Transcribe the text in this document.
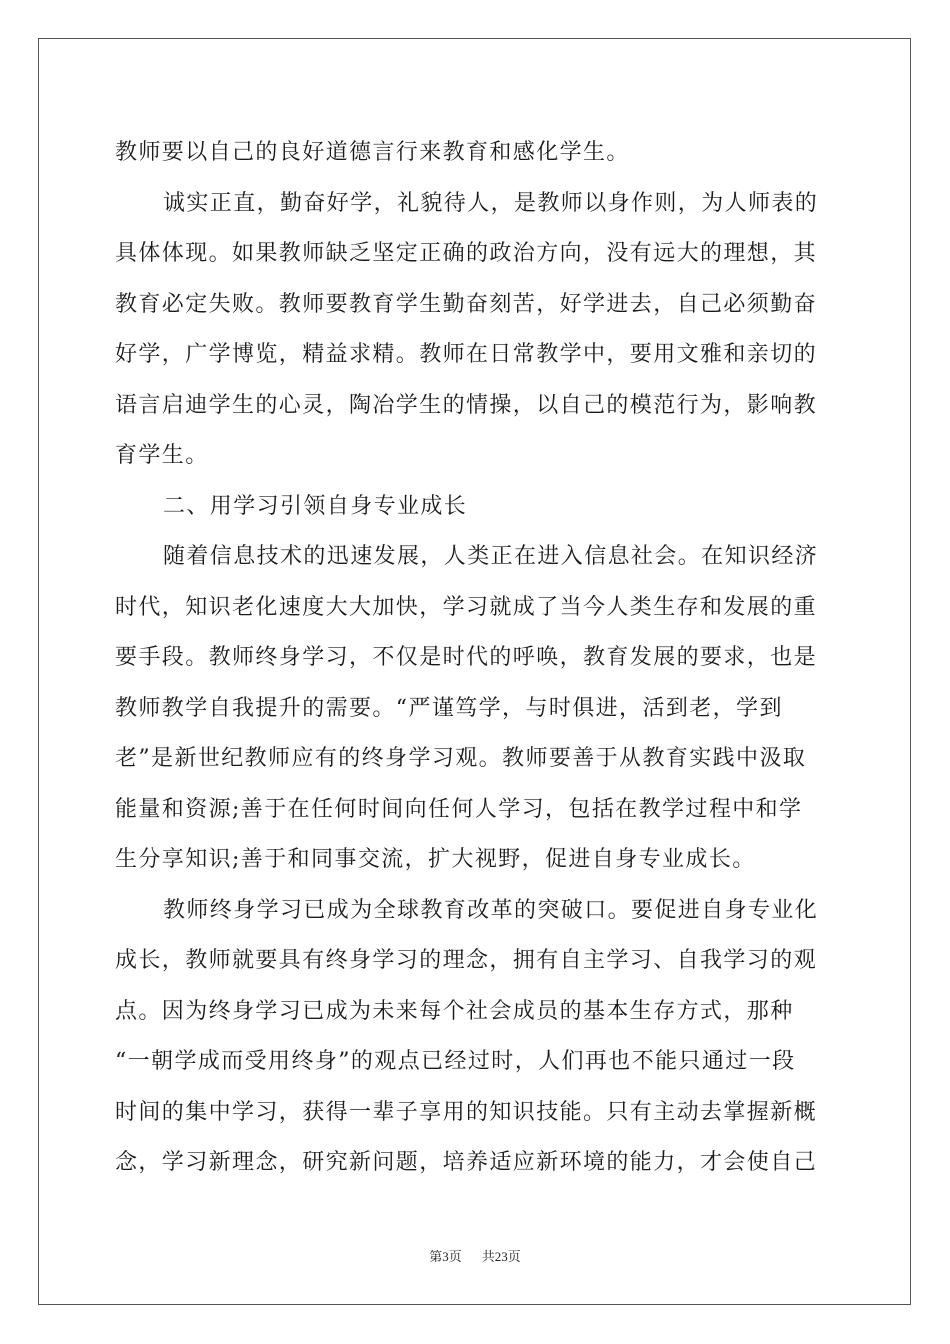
教师要以自己的良好道德言行来教育和感化学生。
诚实正直，勤奋好学，礼貌待人，是教师以身作则，为人师表的
具体体现。如果教师缺乏坚定正确的政治方向，没有远大的理想，其
教育必定失败。教师要教育学生勤奋刻苦，好学进去，自己必须勤奋
好学，广学博览，精益求精。教师在日常教学中，要用文雅和亲切的
语言启迪学生的心灵，陶冶学生的情操，以自己的模范行为，影响教
育学生。
二、用学习引领自身专业成长
随着信息技术的迅速发展，人类正在进入信息社会。在知识经济
时代，知识老化速度大大加快，学习就成了当今人类生存和发展的重
要手段。教师终身学习，不仅是时代的呼唤，教育发展的要求，也是
教师教学自我提升的需要。“严谨笃学，与时俱进，活到老，学到
老”是新世纪教师应有的终身学习观。教师要善于从教育实践中汲取
能量和资源;善于在任何时间向任何人学习，包括在教学过程中和学
生分享知识;善于和同事交流，扩大视野，促进自身专业成长。
教师终身学习已成为全球教育改革的突破口。要促进自身专业化
成长，教师就要具有终身学习的理念，拥有自主学习、自我学习的观
点。因为终身学习已成为未来每个社会成员的基本生存方式，那种
“一朝学成而受用终身”的观点已经过时，人们再也不能只通过一段
时间的集中学习，获得一辈子享用的知识技能。只有主动去掌握新概
念，学习新理念，研究新问题，培养适应新环境的能力，才会使自己
第3页 共23页
